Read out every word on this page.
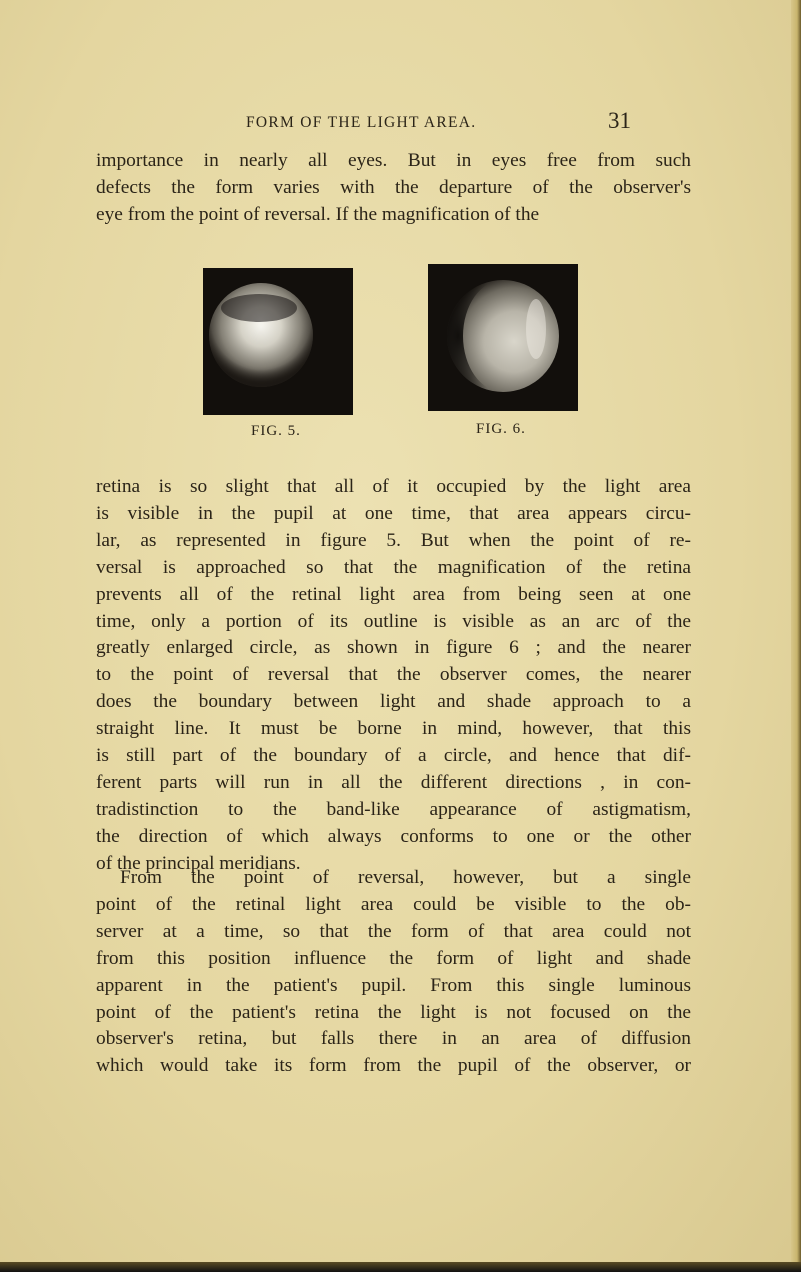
FORM OF THE LIGHT AREA.	31
importance in nearly all eyes. But in eyes free from such
defects the form varies with the departure of the observer's
eye from the point of reversal. If the magnification of the
FIG. 5.	FIG. 6.
retina is so slight that all of it occupied by the light area
is visible in the pupil at one time, that area appears circu-
lar, as represented in figure 5. But when the point of re-
versal is approached so that the magnification of the retina
prevents all of the retinal light area from being seen at one
time, only a portion of its outline is visible as an arc of the
greatly enlarged circle, as shown in figure 6 ; and the nearer
to the point of reversal that the observer comes, the nearer
does the boundary between light and shade approach to a
straight line. It must be borne in mind, however, that this
is still part of the boundary of a circle, and hence that dif-
ferent parts will run in all the different directions , in con-
tradistinction to the band-like appearance of astigmatism,
the direction of which always conforms to one or the other
of the principal meridians.
From the point of reversal, however, but a single
point of the retinal light area could be visible to the ob-
server at a time, so that the form of that area could not
from this position influence the form of light and shade
apparent in the patient's pupil. From this single luminous
point of the patient's retina the light is not focused on the
observer's retina, but falls there in an area of diffusion
which would take its form from the pupil of the observer, or
